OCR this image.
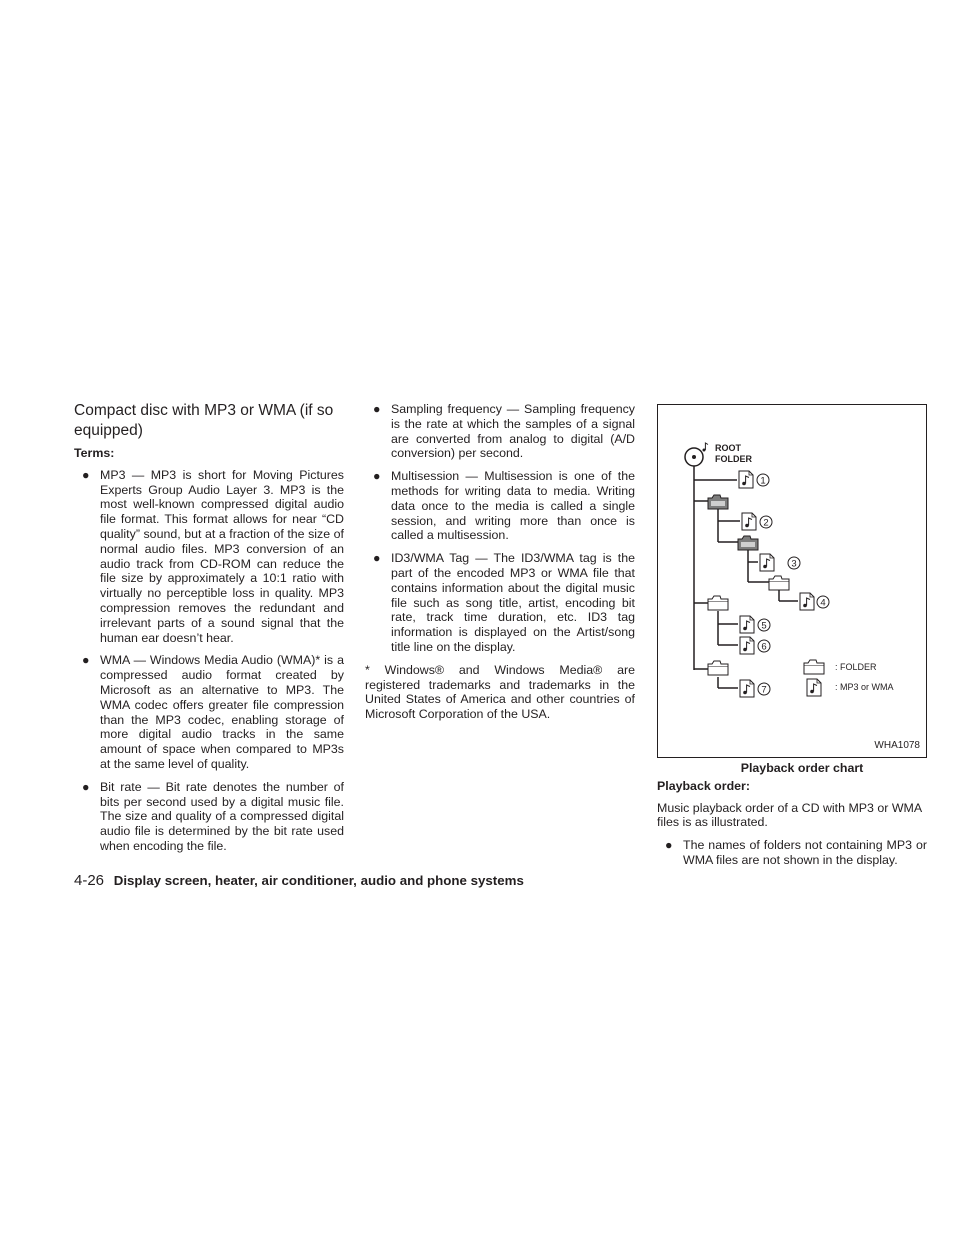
Compact disc with MP3 or WMA (if so equipped)
Terms:
● MP3 — MP3 is short for Moving Pictures Experts Group Audio Layer 3. MP3 is the most well-known compressed digital audio file format. This format allows for near “CD quality” sound, but at a fraction of the size of normal audio files. MP3 conversion of an audio track from CD-ROM can reduce the file size by approximately a 10:1 ratio with virtually no perceptible loss in quality. MP3 compression removes the redundant and irrelevant parts of a sound signal that the human ear doesn’t hear.
● WMA — Windows Media Audio (WMA)* is a compressed audio format created by Microsoft as an alternative to MP3. The WMA codec offers greater file compression than the MP3 codec, enabling storage of more digital audio tracks in the same amount of space when compared to MP3s at the same level of quality.
● Bit rate — Bit rate denotes the number of bits per second used by a digital music file. The size and quality of a compressed digital audio file is determined by the bit rate used when encoding the file.
● Sampling frequency — Sampling frequency is the rate at which the samples of a signal are converted from analog to digital (A/D conversion) per second.
● Multisession — Multisession is one of the methods for writing data to media. Writing data once to the media is called a single session, and writing more than once is called a multisession.
● ID3/WMA Tag — The ID3/WMA tag is the part of the encoded MP3 or WMA file that contains information about the digital music file such as song title, artist, encoding bit rate, track time duration, etc. ID3 tag information is displayed on the Artist/song title line on the display.

* Windows® and Windows Media® are registered trademarks and trademarks in the United States of America and other countries of Microsoft Corporation of the USA.

ROOT
FOLDER
1
2
3
4
5
6
7
: FOLDER
: MP3 or WMA
WHA1078
Playback order chart
Playback order:

Music playback order of a CD with MP3 or WMA files is as illustrated.

● The names of folders not containing MP3 or WMA files are not shown in the display.
4-26 Display screen, heater, air conditioner, audio and phone systems
